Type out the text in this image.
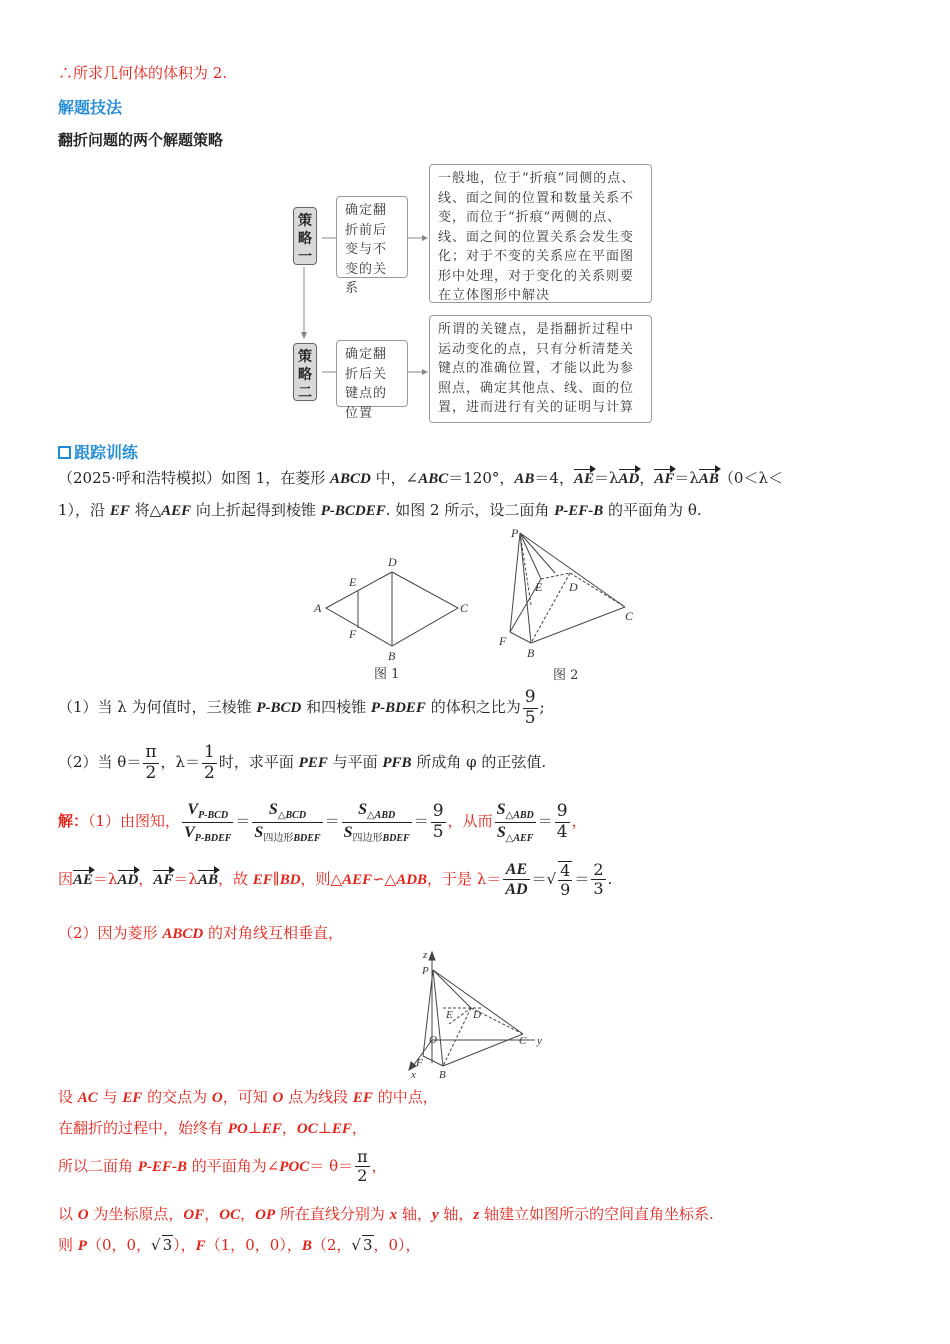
∴所求几何体的体积为 2.
解题技法
翻折问题的两个解题策略
策略一
确定翻折前后变与不变的关系
一般地，位于“折痕”同侧的点、线、面之间的位置和数量关系不变，而位于“折痕”两侧的点、线、面之间的位置关系会发生变化；对于不变的关系应在平面图形中处理，对于变化的关系则要在立体图形中解决
策略二
确定翻折后关键点的位置
所谓的关键点，是指翻折过程中运动变化的点，只有分析清楚关键点的准确位置，才能以此为参照点，确定其他点、线、面的位置，进而进行有关的证明与计算
跟踪训练
（2025·呼和浩特模拟）如图 1，在菱形 ABCD 中，∠ABC＝120°，AB＝4，AE＝λAD，AF＝λAB（0＜λ＜
1），沿 EF 将△AEF 向上折起得到棱锥 P-BCDEF. 如图 2 所示，设二面角 P-EF-B 的平面角为 θ.
A
B
C
D
E
F
图 1
P
E D
C
F
B
图 2
（1）当 λ 为何值时，三棱锥 P-BCD 和四棱锥 P-BDEF 的体积之比为 $\frac{9}{5}$ ;
（2）当 $\theta= \frac{\pi}{2}$ ，$\lambda= \frac{1}{2}$ 时，求平面 PEF 与平面 PFB 所成角 φ 的正弦值.
解：（1）由图知， $\frac{V_{P-BCD}}{V_{P-BDEF}} = \frac{S_{\triangle BCD}}{S_{四边形BDEF}} = \frac{S_{\triangle ABD}}{S_{四边形BDEF}} = \frac{9}{5}$ ，从而 $\frac{S_{\triangle ABD}}{S_{\triangle AEF}} = \frac{9}{4}$ ，
因AE＝λAD，AF＝λAB，故 EF∥BD，则△AEF∽△ADB，于是 $\lambda= \frac{AE}{AD}$ ＝√ $\frac{4}{9} = \frac{2}{3}$ .
（2）因为菱形 ABCD 的对角线互相垂直，
z
P
E D
O	C y
F
x B
设 AC 与 EF 的交点为 O，可知 O 点为线段 EF 的中点，
在翻折的过程中，始终有 PO⊥EF，OC⊥EF，
所以二面角 P-EF-B 的平面角为∠POC＝ $\theta= \frac{\pi}{2}$ ，
以 O 为坐标原点，OF，OC，OP 所在直线分别为 x 轴，y 轴，z 轴建立如图所示的空间直角坐标系.
则 P（0，0，√ 3），F（1，0，0），B（2，√ 3，0），
